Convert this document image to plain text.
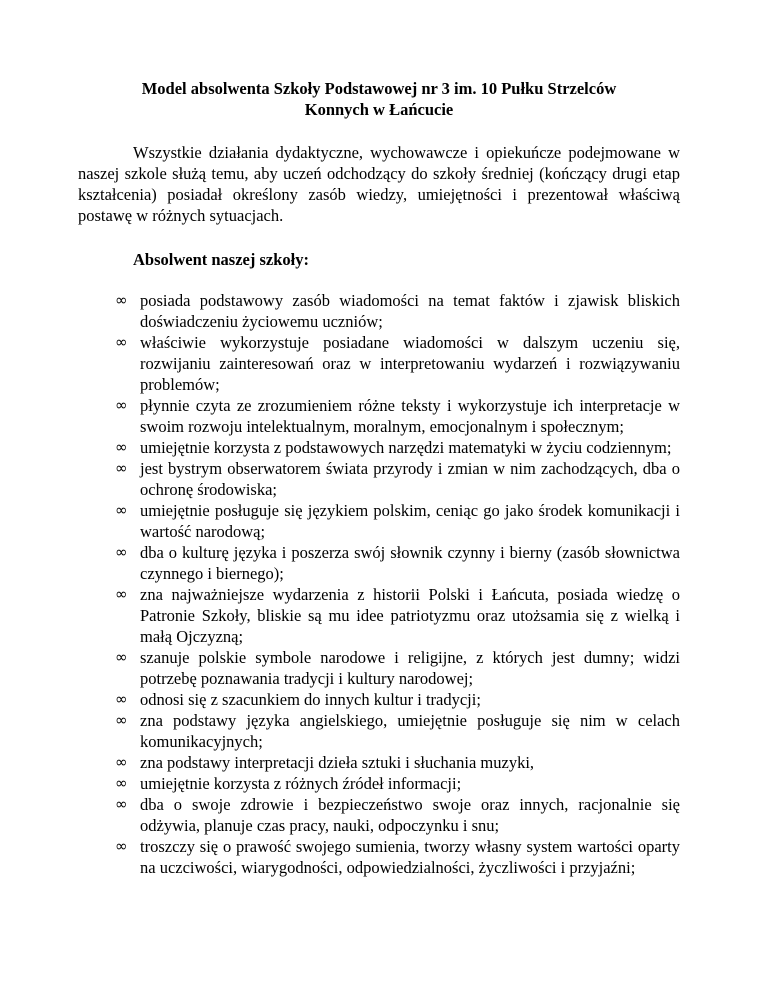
Model absolwenta Szkoły Podstawowej nr 3 im. 10 Pułku Strzelców
Konnych w Łańcucie

Wszystkie działania dydaktyczne, wychowawcze i opiekuńcze podejmowane w naszej szkole służą temu, aby uczeń odchodzący do szkoły średniej (kończący drugi etap kształcenia) posiadał określony zasób wiedzy, umiejętności i prezentował właściwą postawę w różnych sytuacjach.

Absolwent naszej szkoły:

∞ posiada podstawowy zasób wiadomości na temat faktów i zjawisk bliskich doświadczeniu życiowemu uczniów;
∞ właściwie wykorzystuje posiadane wiadomości w dalszym uczeniu się, rozwijaniu zainteresowań oraz w interpretowaniu wydarzeń i rozwiązywaniu problemów;
∞ płynnie czyta ze zrozumieniem różne teksty i wykorzystuje ich interpretacje w swoim rozwoju intelektualnym, moralnym, emocjonalnym i społecznym;
∞ umiejętnie korzysta z podstawowych narzędzi matematyki w życiu codziennym;
∞ jest bystrym obserwatorem świata przyrody i zmian w nim zachodzących, dba o ochronę środowiska;
∞ umiejętnie posługuje się językiem polskim, ceniąc go jako środek komunikacji i wartość narodową;
∞ dba o kulturę języka i poszerza swój słownik czynny i bierny (zasób słownictwa czynnego i biernego);
∞ zna najważniejsze wydarzenia z historii Polski i Łańcuta, posiada wiedzę o Patronie Szkoły, bliskie są mu idee patriotyzmu oraz utożsamia się z wielką i małą Ojczyzną;
∞ szanuje polskie symbole narodowe i religijne, z których jest dumny; widzi potrzebę poznawania tradycji i kultury narodowej;
∞ odnosi się z szacunkiem do innych kultur i tradycji;
∞ zna podstawy języka angielskiego, umiejętnie posługuje się nim w celach komunikacyjnych;
∞ zna podstawy interpretacji dzieła sztuki i słuchania muzyki,
∞ umiejętnie korzysta z różnych źródeł informacji;
∞ dba o swoje zdrowie i bezpieczeństwo swoje oraz innych, racjonalnie się odżywia, planuje czas pracy, nauki, odpoczynku i snu;
∞ troszczy się o prawość swojego sumienia, tworzy własny system wartości oparty na uczciwości, wiarygodności, odpowiedzialności, życzliwości i przyjaźni;
